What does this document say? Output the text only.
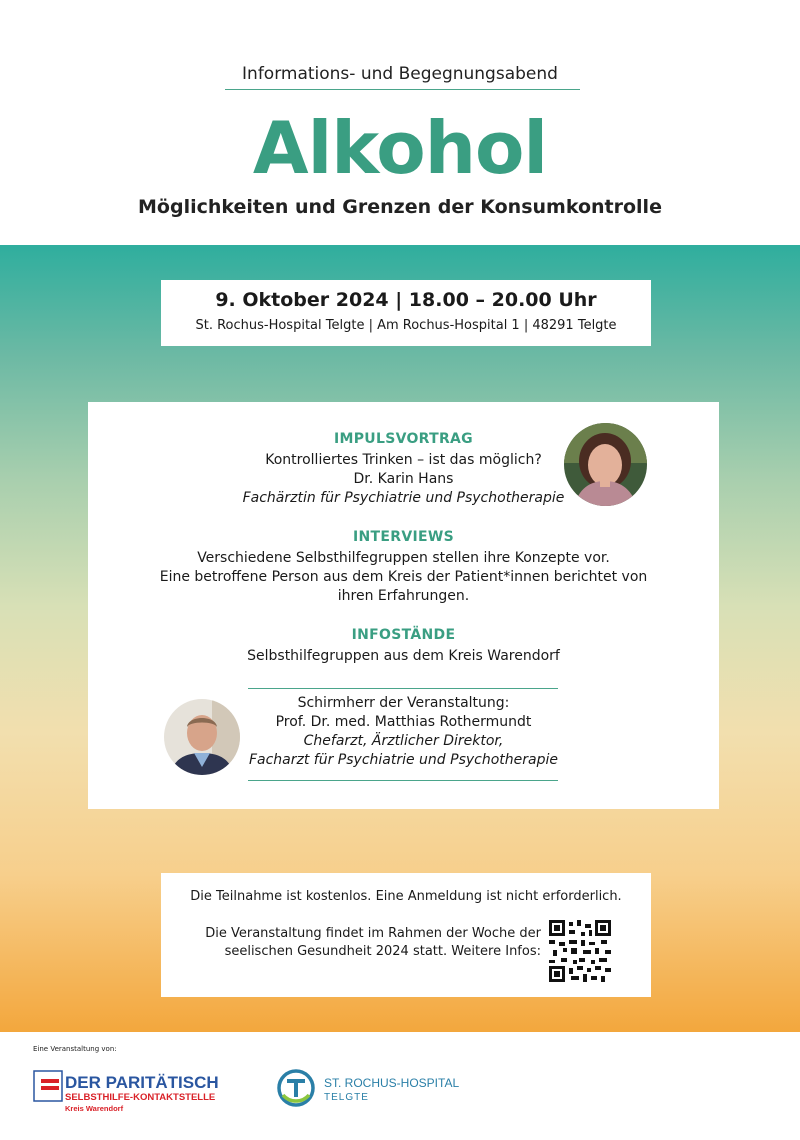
Informations- und Begegnungsabend
Alkohol
Möglichkeiten und Grenzen der Konsumkontrolle
9. Oktober 2024 | 18.00 – 20.00 Uhr
St. Rochus-Hospital Telgte | Am Rochus-Hospital 1 | 48291 Telgte
IMPULSVORTRAG
Kontrolliertes Trinken – ist das möglich?
Dr. Karin Hans
Fachärztin für Psychiatrie und Psychotherapie
INTERVIEWS
Verschiedene Selbsthilfegruppen stellen ihre Konzepte vor.
Eine betroffene Person aus dem Kreis der Patient*innen berichtet von
ihren Erfahrungen.
INFOSTÄNDE
Selbsthilfegruppen aus dem Kreis Warendorf
Schirmherr der Veranstaltung:
Prof. Dr. med. Matthias Rothermundt
Chefarzt, Ärztlicher Direktor,
Facharzt für Psychiatrie und Psychotherapie
Die Teilnahme ist kostenlos. Eine Anmeldung ist nicht erforderlich.
Die Veranstaltung findet im Rahmen der Woche der
seelischen Gesundheit 2024 statt. Weitere Infos:
Eine Veranstaltung von:
DER PARITÄTISCHE
SELBSTHILFE-KONTAKTSTELLE
Kreis Warendorf
ST. ROCHUS-HOSPITAL
TELGTE
